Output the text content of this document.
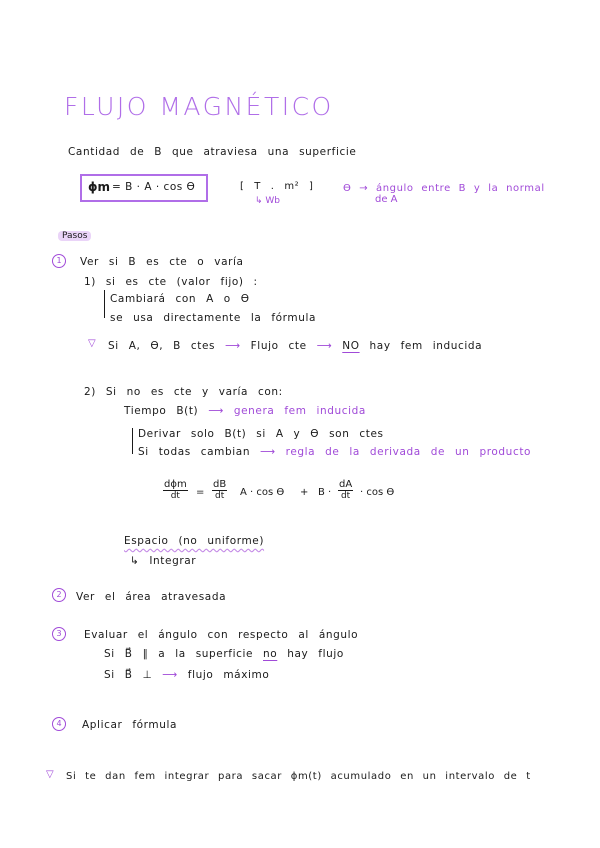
FLUJO MAGNÉTICO
Cantidad de B que atraviesa una superficie
ϕm = B · A · cos ϴ	[ T . m² ]
↳ Wb
ϴ → ángulo entre B y la normal
de A
Pasos
1	Ver si B es cte o varía
1) si es cte (valor fijo) :
Cambiará con A o ϴ
se usa directamente la fórmula
▽ Si A, ϴ, B ctes ⟶ Flujo cte ⟶ NO hay fem inducida
2) Si no es cte y varía con:
Tiempo B(t) ⟶ genera fem inducida
Derivar solo B(t) si A y ϴ son ctes
Si todas cambian ⟶ regla de la derivada de un producto
dϕm
dt	= $\frac{dB}{dt}$ $A \cdot \cos ϴ + B \cdot \frac{dA}{dt} \cdot \cos ϴ$
Espacio (no uniforme)
↳ Integrar
2	Ver el área atravesada
3	Evaluar el ángulo con respecto al ángulo
Si B⃗ ∥ a la superficie no hay flujo
Si B⃗ ⊥ ⟶ flujo máximo
4	Aplicar fórmula
▽ Si te dan fem integrar para sacar ϕm(t) acumulado en un intervalo de t
